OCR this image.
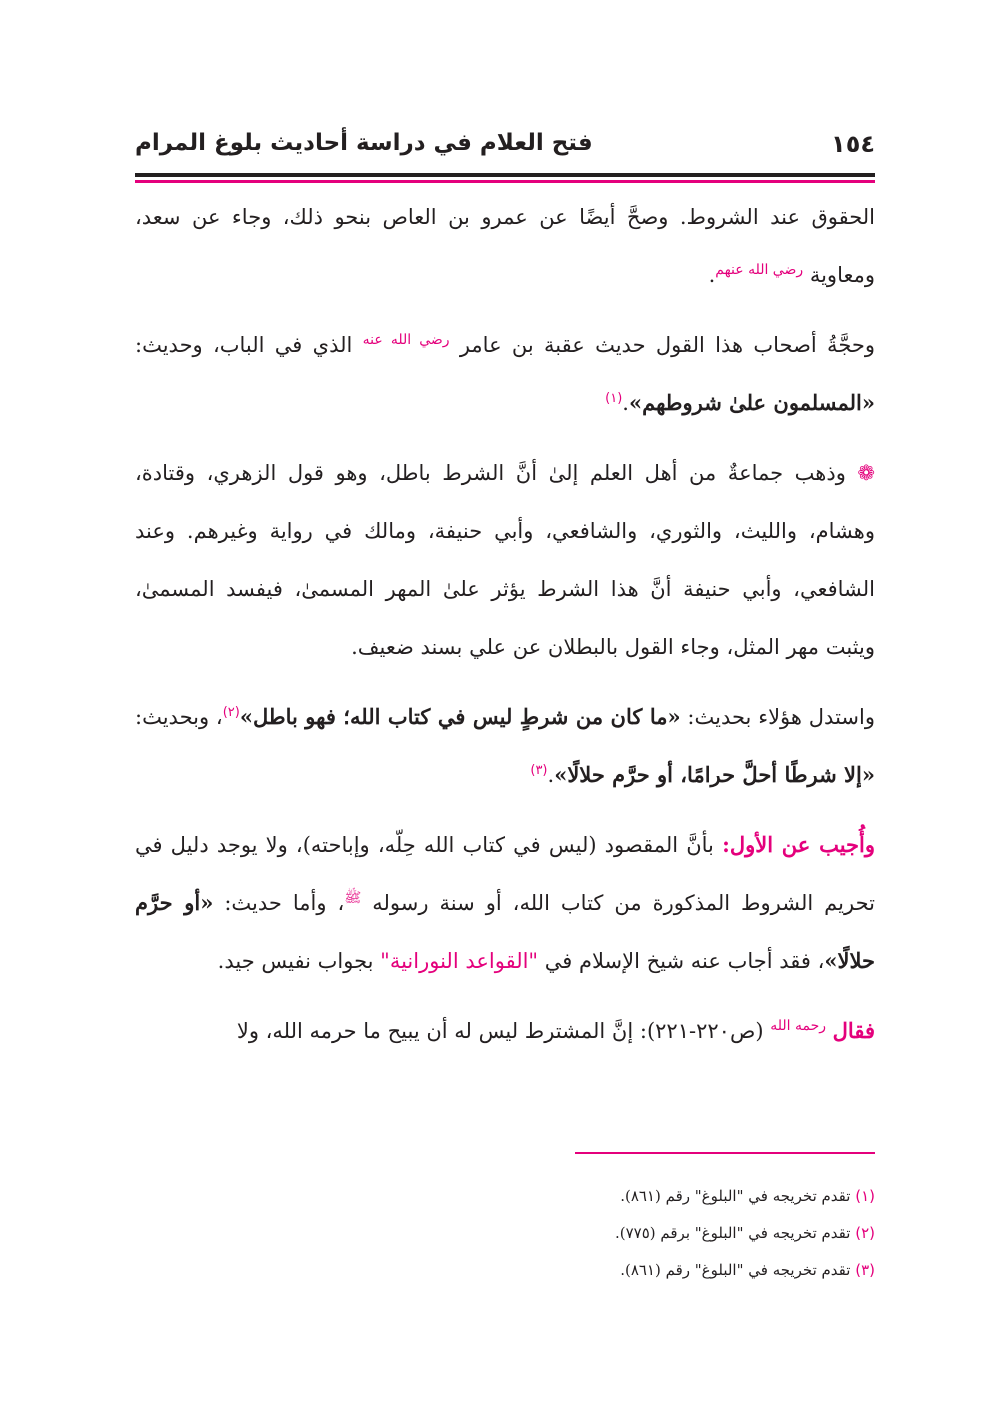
١٥٤
فتح العلام في دراسة أحاديث بلوغ المرام

الحقوق عند الشروط. وصحَّ أيضًا عن عمرو بن العاص بنحو ذلك، وجاء عن سعد، ومعاوية $^{رضي الله عنهم}$.

وحجَّةُ أصحاب هذا القول حديث عقبة بن عامر $^{رضي الله عنه}$ الذي في الباب، وحديث: «المسلمون علىٰ شروطهم».$^{(١)}$

❁ وذهب جماعةٌ من أهل العلم إلىٰ أنَّ الشرط باطل، وهو قول الزهري، وقتادة، وهشام، والليث، والثوري، والشافعي، وأبي حنيفة، ومالك في رواية وغيرهم. وعند الشافعي، وأبي حنيفة أنَّ هذا الشرط يؤثر علىٰ المهر المسمىٰ، فيفسد المسمىٰ، ويثبت مهر المثل، وجاء القول بالبطلان عن علي بسند ضعيف.

واستدل هؤلاء بحديث: «ما كان من شرطٍ ليس في كتاب الله؛ فهو باطل»$^{(٢)}$، وبحديث: «إلا شرطًا أحلَّ حرامًا، أو حرَّم حلالًا».$^{(٣)}$

وأُجيب عن الأول: بأنَّ المقصود (ليس في كتاب الله حِلّه، وإباحته)، ولا يوجد دليل في تحريم الشروط المذكورة من كتاب الله، أو سنة رسوله $^ﷺ$، وأما حديث: «أو حرَّم حلالًا»، فقد أجاب عنه شيخ الإسلام في "القواعد النورانية" بجواب نفيس جيد.

فقال $^{رحمه الله}$ (ص٢٢٠-٢٢١): إنَّ المشترط ليس له أن يبيح ما حرمه الله، ولا

(١) تقدم تخريجه في "البلوغ" رقم (٨٦١).

(٢) تقدم تخريجه في "البلوغ" برقم (٧٧٥).

(٣) تقدم تخريجه في "البلوغ" رقم (٨٦١).
